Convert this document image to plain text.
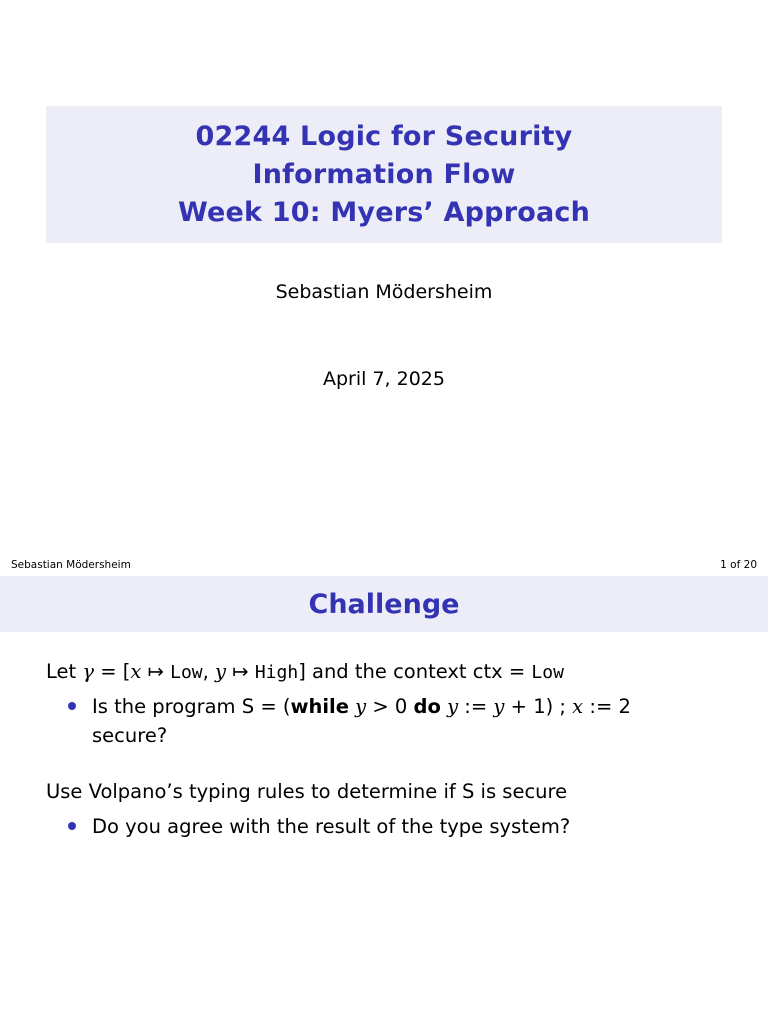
02244 Logic for Security
Information Flow
Week 10: Myers’ Approach
Sebastian Mödersheim
April 7, 2025
Sebastian Mödersheim	1 of 20
Challenge
Let γ = [x ↦ Low, y ↦ High] and the context ctx = Low
Is the program S = (while y > 0 do y := y + 1) ; x := 2
secure?
Use Volpano’s typing rules to determine if S is secure
Do you agree with the result of the type system?
